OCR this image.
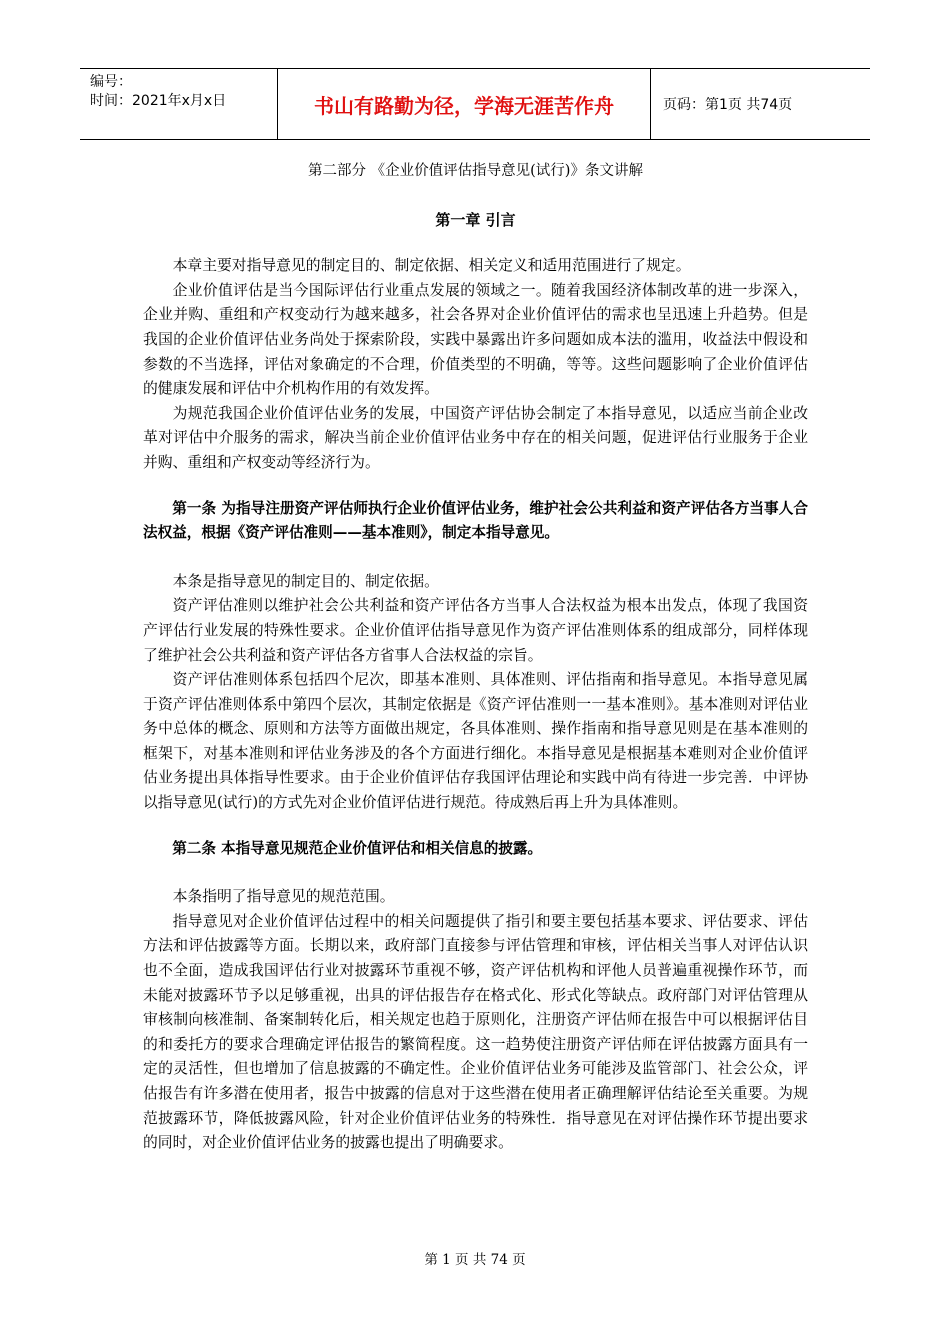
编号：
时间：2021年x月x日	书山有路勤为径，学海无涯苦作舟	页码：第1页 共74页
第二部分 《企业价值评估指导意见(试行)》条文讲解
第一章 引言

本章主要对指导意见的制定目的、制定依据、相关定义和适用范围进行了规定。

企业价值评估是当今国际评估行业重点发展的领域之一。随着我国经济体制改革的进一步深入，企业并购、重组和产权变动行为越来越多，社会各界对企业价值评估的需求也呈迅速上升趋势。但是我国的企业价值评估业务尚处于探索阶段，实践中暴露出许多问题如成本法的滥用，收益法中假设和参数的不当选择，评估对象确定的不合理，价值类型的不明确，等等。这些问题影响了企业价值评估的健康发展和评估中介机构作用的有效发挥。

为规范我国企业价值评估业务的发展，中国资产评估协会制定了本指导意见，以适应当前企业改革对评估中介服务的需求，解决当前企业价值评估业务中存在的相关问题，促进评估行业服务于企业并购、重组和产权变动等经济行为。

第一条 为指导注册资产评估师执行企业价值评估业务，维护社会公共利益和资产评估各方当事人合法权益，根据《资产评估准则——基本准则》，制定本指导意见。

本条是指导意见的制定目的、制定依据。

资产评估准则以维护社会公共利益和资产评估各方当事人合法权益为根本出发点，体现了我国资产评估行业发展的特殊性要求。企业价值评估指导意见作为资产评估准则体系的组成部分，同样体现了维护社会公共利益和资产评估各方省事人合法权益的宗旨。

资产评估准则体系包括四个尼次，即基本准则、具体准则、评估指南和指导意见。本指导意见属于资产评估准则体系中第四个层次，其制定依据是《资产评估准则一一基本准则》。基本准则对评估业务中总体的概念、原则和方法等方面做出规定，各具体准则、操作指南和指导意见则是在基本准则的框架下，对基本准则和评估业务涉及的各个方面进行细化。本指导意见是根据基本难则对企业价值评估业务提出具体指导性要求。由于企业价值评估存我国评估理论和实践中尚有待进一步完善．中评协以指导意见(试行)的方式先对企业价值评估进行规范。待成熟后再上升为具体准则。

第二条 本指导意见规范企业价值评估和相关信息的披露。

本条指明了指导意见的规范范围。

指导意见对企业价值评估过程中的相关问题提供了指引和要主要包括基本要求、评估要求、评估方法和评估披露等方面。长期以来，政府部门直接参与评估管理和审核，评估相关当事人对评估认识也不全面，造成我国评估行业对披露环节重视不够，资产评估机构和评他人员普遍重视操作环节，而未能对披露环节予以足够重视，出具的评估报告存在格式化、形式化等缺点。政府部门对评估管理从审核制向核准制、备案制转化后，相关规定也趋于原则化，注册资产评估师在报告中可以根据评估目的和委托方的要求合理确定评估报告的繁简程度。这一趋势使注册资产评估师在评估披露方面具有一定的灵活性，但也增加了信息披露的不确定性。企业价值评估业务可能涉及监管部门、社会公众，评估报告有许多潜在使用者，报告中披露的信息对于这些潜在使用者正确理解评估结论至关重要。为规范披露环节，降低披露风险，针对企业价值评估业务的特殊性．指导意见在对评估操作环节提出要求的同时，对企业价值评估业务的披露也提出了明确要求。

第 1 页 共 74 页
